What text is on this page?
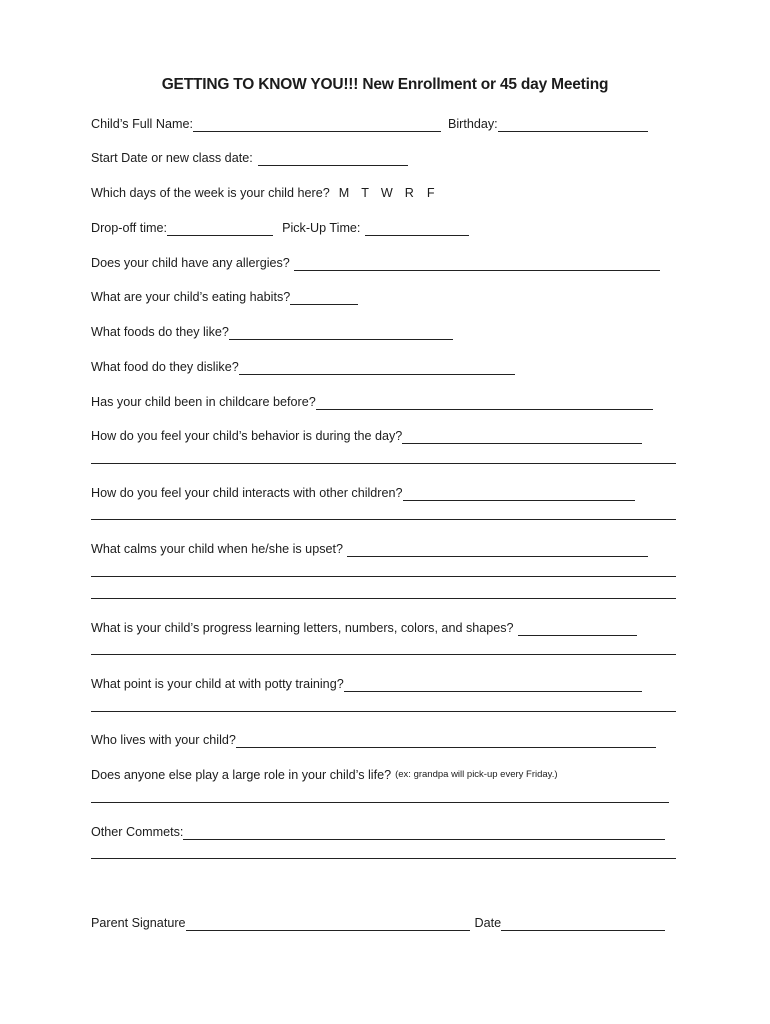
GETTING TO KNOW YOU!!! New Enrollment or 45 day Meeting
Child’s Full Name:	Birthday:
Start Date or new class date:
Which days of the week is your child here? M T W R F
Drop-off time:	Pick-Up Time:
Does your child have any allergies?
What are your child’s eating habits?
What foods do they like?
What food do they dislike?
Has your child been in childcare before?
How do you feel your child’s behavior is during the day?
How do you feel your child interacts with other children?
What calms your child when he/she is upset?
What is your child’s progress learning letters, numbers, colors, and shapes?
What point is your child at with potty training?
Who lives with your child?
Does anyone else play a large role in your child’s life? (ex: grandpa will pick-up every Friday.)
Other Commets:
Parent Signature	Date
